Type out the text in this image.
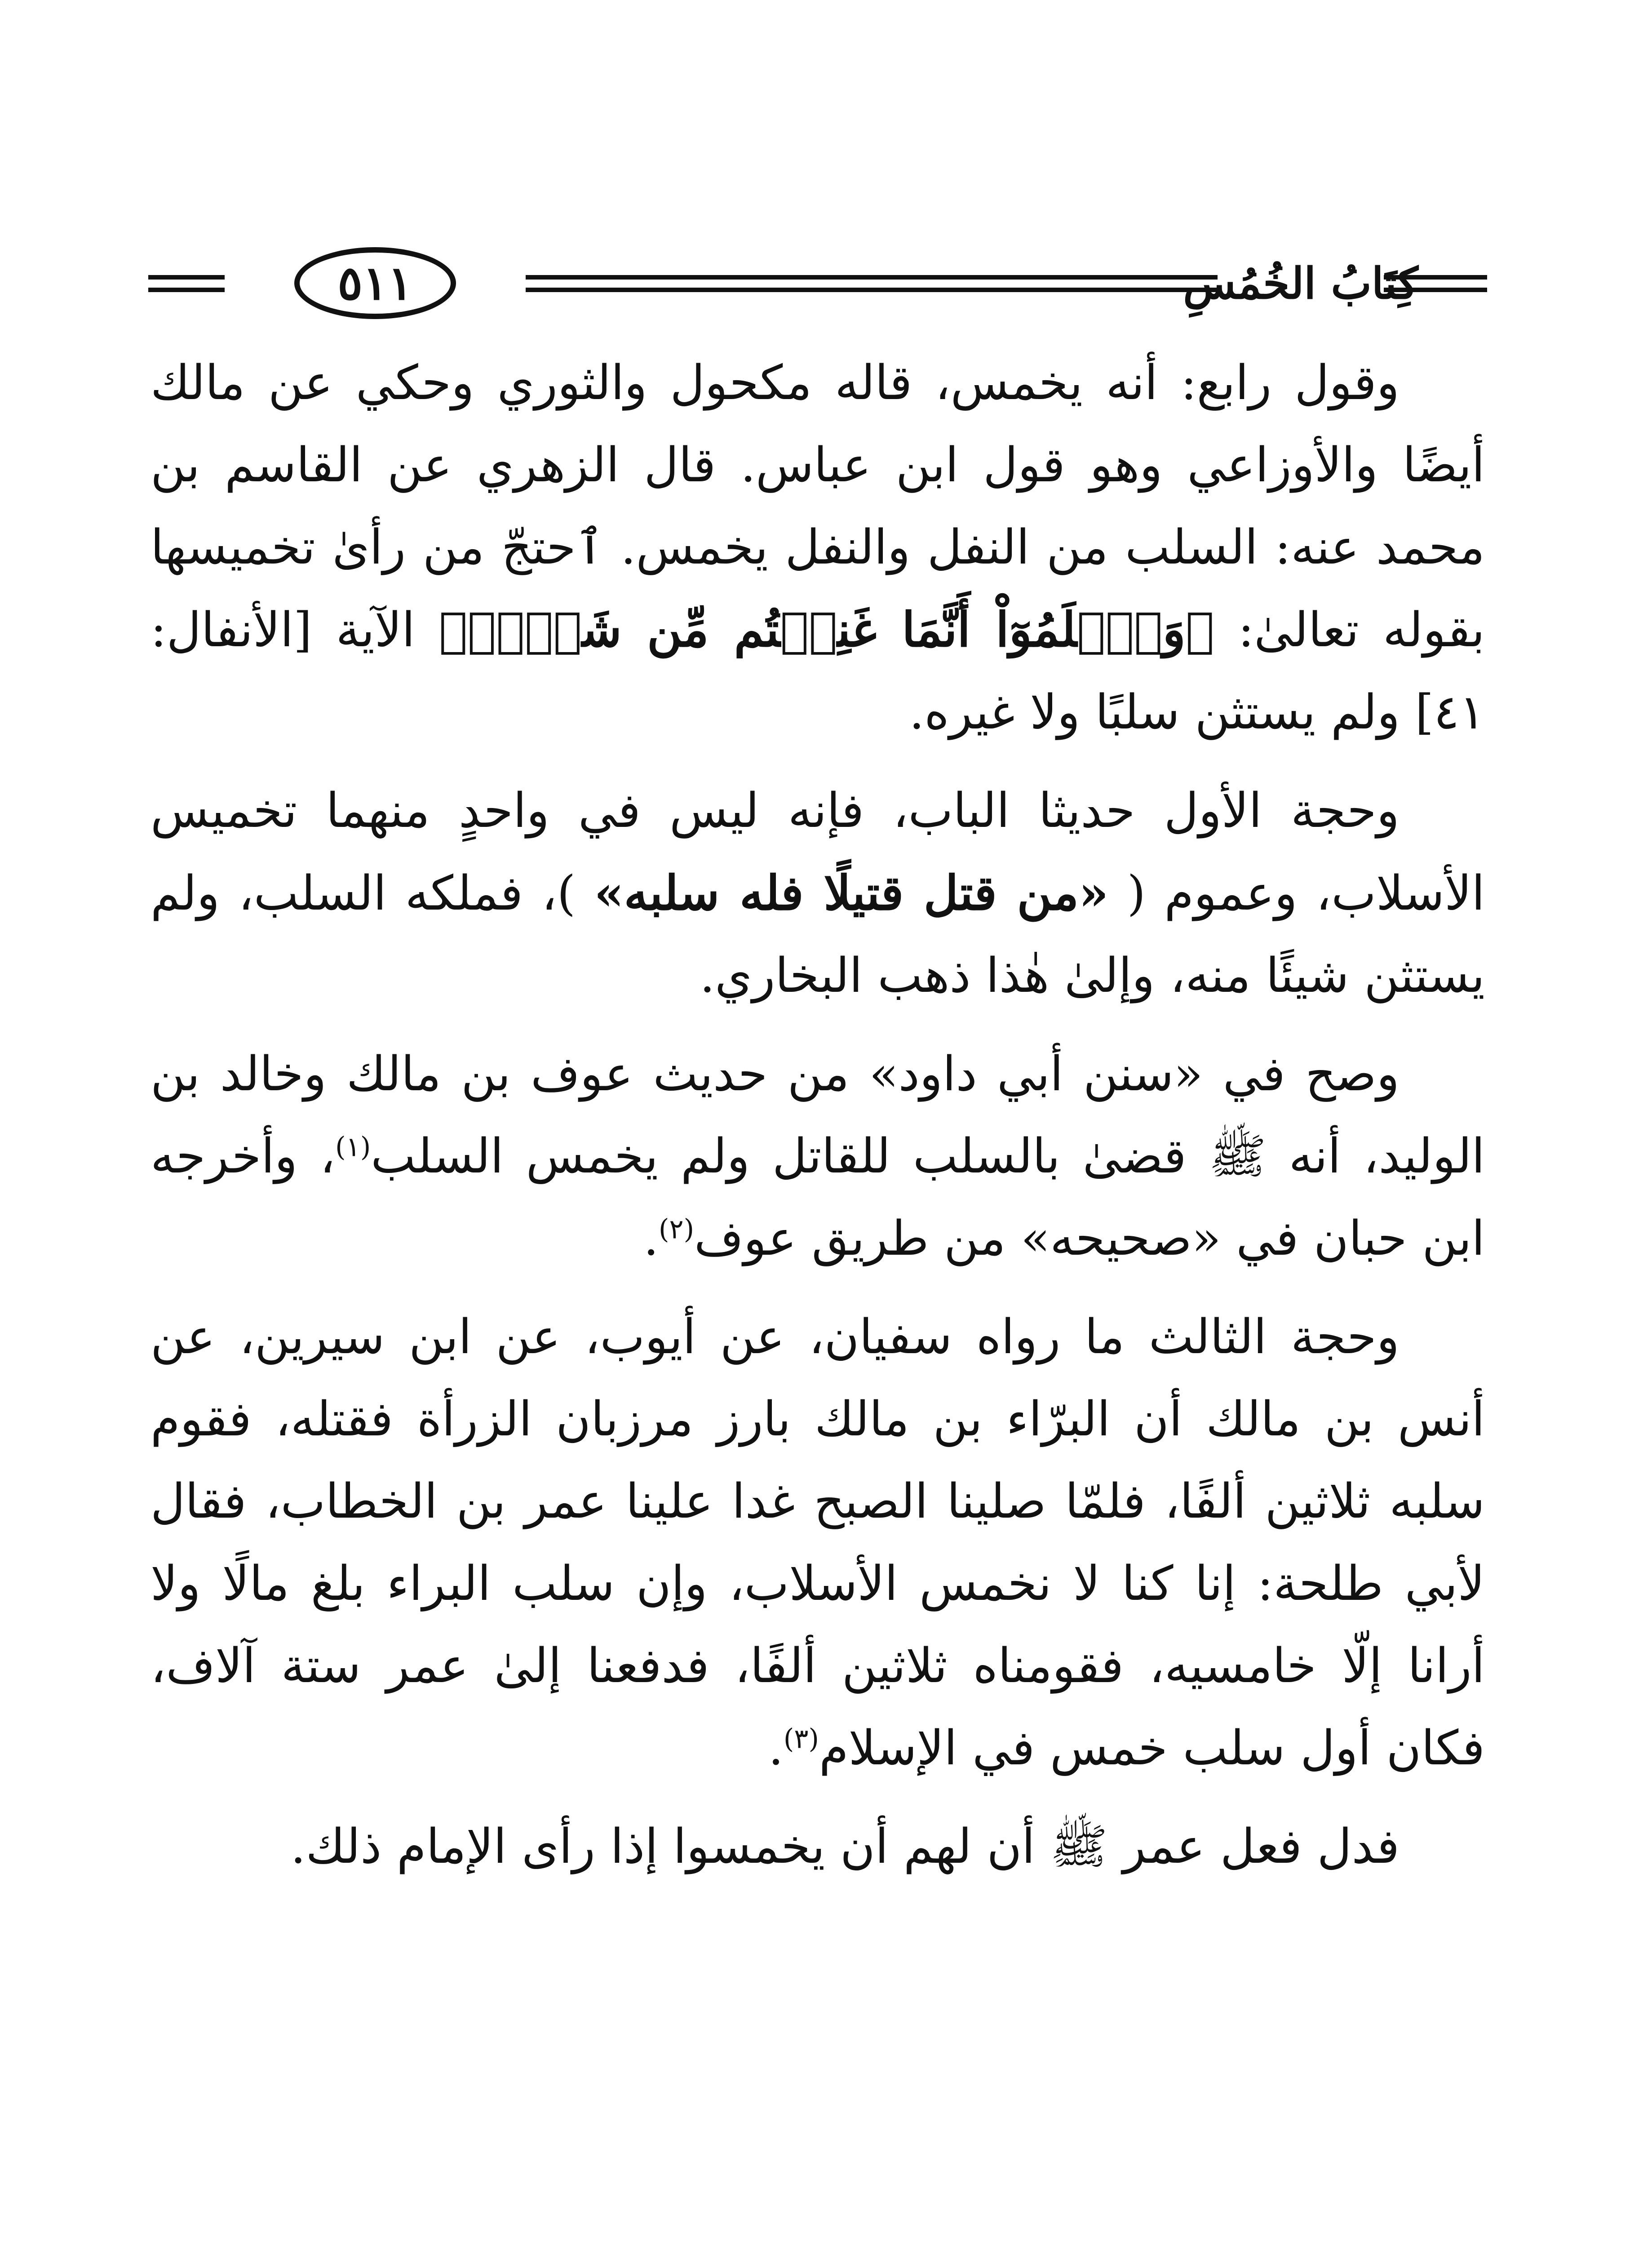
٥١١	كِتَابُ الخُمُسِ

وقول رابع: أنه يخمس، قاله مكحول والثوري وحكي عن مالك أيضًا والأوزاعي وهو قول ابن عباس. قال الزهري عن القاسم بن محمد عنه: السلب من النفل والنفل يخمس. ٱحتجّ من رأىٰ تخميسها بقوله تعالىٰ: ﴿وَٱعۡلَمُوٓاْ أَنَّمَا غَنِمۡتُم مِّن شَيۡءٖ﴾ الآية [الأنفال: ٤١] ولم يستثن سلبًا ولا غيره.

وحجة الأول حديثا الباب، فإنه ليس في واحدٍ منهما تخميس الأسلاب، وعموم ( «من قتل قتيلًا فله سلبه» )، فملكه السلب، ولم يستثن شيئًا منه، وإلىٰ هٰذا ذهب البخاري.

وصح في «سنن أبي داود» من حديث عوف بن مالك وخالد بن الوليد، أنه ﷺ قضىٰ بالسلب للقاتل ولم يخمس السلب$^{(١)}$، وأخرجه ابن حبان في «صحيحه» من طريق عوف$^{(٢)}$.

وحجة الثالث ما رواه سفيان، عن أيوب، عن ابن سيرين، عن أنس بن مالك أن البرّاء بن مالك بارز مرزبان الزرأة فقتله، فقوم سلبه ثلاثين ألفًا، فلمّا صلينا الصبح غدا علينا عمر بن الخطاب، فقال لأبي طلحة: إنا كنا لا نخمس الأسلاب، وإن سلب البراء بلغ مالًا ولا أرانا إلّا خامسيه، فقومناه ثلاثين ألفًا، فدفعنا إلىٰ عمر ستة آلاف، فكان أول سلب خمس في الإسلام$^{(٣)}$.

فدل فعل عمر ﷺ أن لهم أن يخمسوا إذا رأى الإمام ذلك.
